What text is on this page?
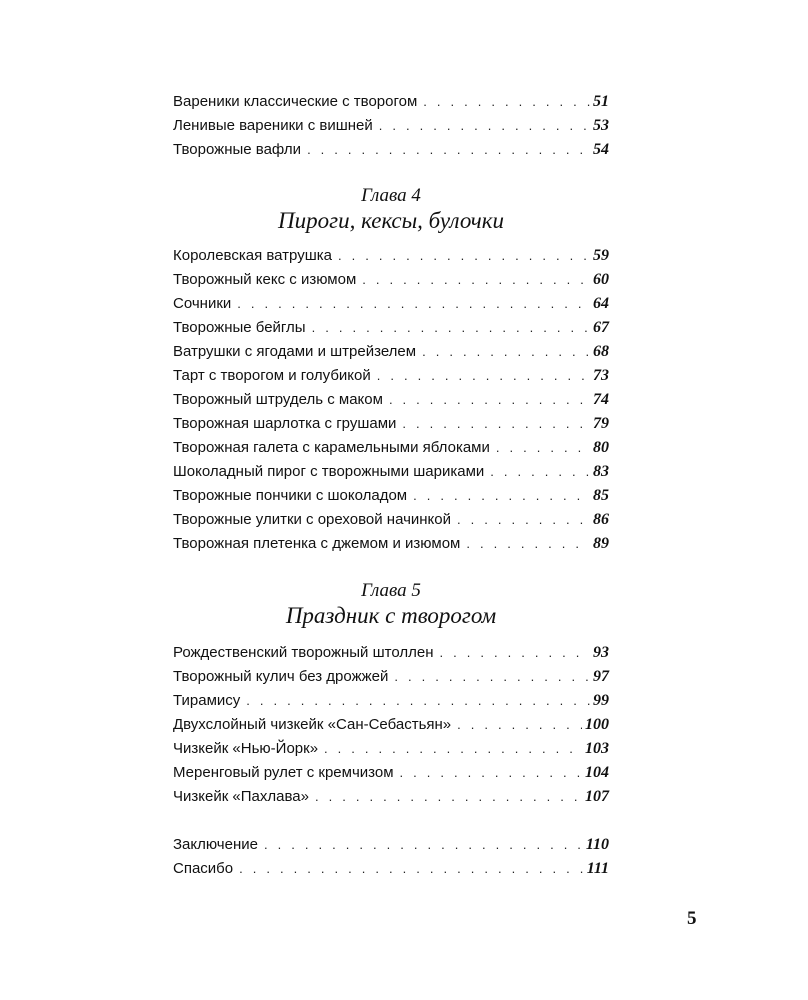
Вареники классические с творогом . . .	51
Ленивые вареники с вишней . . .	53
Творожные вафли . . .	54
Глава 4
Пироги, кексы, булочки
Королевская ватрушка . . .	59
Творожный кекс с изюмом . . .	60
Сочники . . .	64
Творожные бейглы . . .	67
Ватрушки с ягодами и штрейзелем . . .	68
Тарт с творогом и голубикой . . .	73
Творожный штрудель с маком . . .	74
Творожная шарлотка с грушами . . .	79
Творожная галета с карамельными яблоками . . .	80
Шоколадный пирог с творожными шариками . . .	83
Творожные пончики с шоколадом . . .	85
Творожные улитки с ореховой начинкой . . .	86
Творожная плетенка с джемом и изюмом . . .	89
Глава 5
Праздник с творогом
Рождественский творожный штоллен . . .	93
Творожный кулич без дрожжей . . .	97
Тирамису . . .	99
Двухслойный чизкейк «Сан-Себастьян» . . .	100
Чизкейк «Нью-Йорк» . . .	103
Меренговый рулет с кремчизом . . .	104
Чизкейк «Пахлава» . . .	107
Заключение . . .	110
Спасибо . . .	111
5
